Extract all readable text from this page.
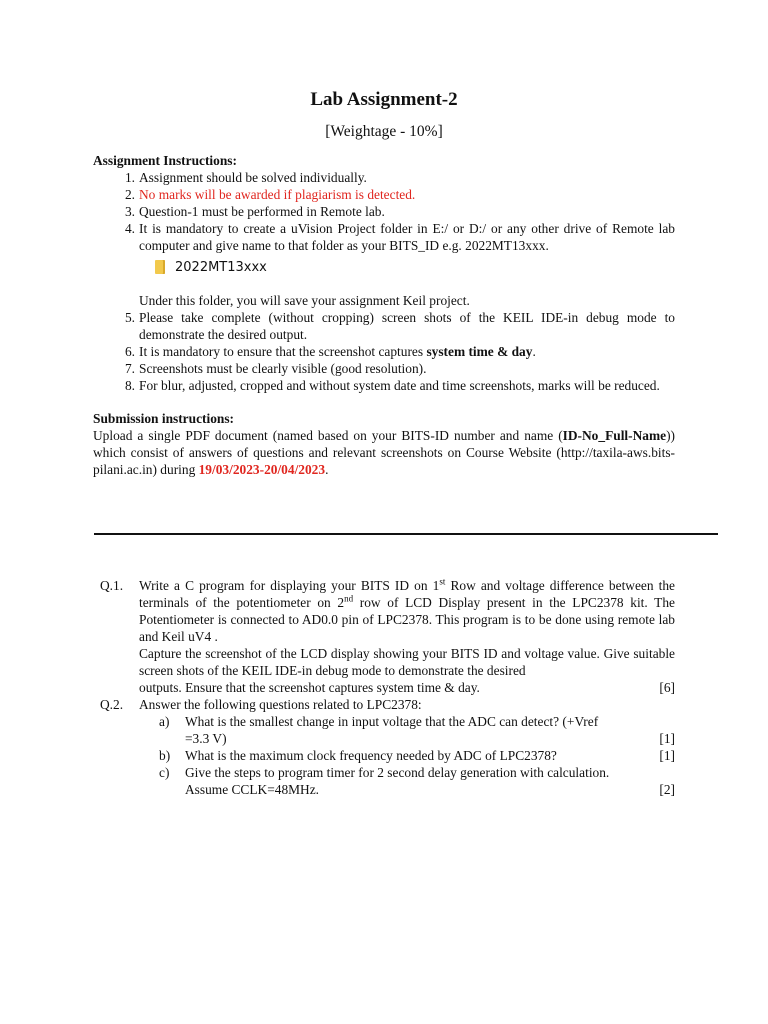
Lab Assignment-2
[Weightage - 10%]
Assignment Instructions:
1. Assignment should be solved individually.
2. No marks will be awarded if plagiarism is detected.
3. Question-1 must be performed in Remote lab.
4. It is mandatory to create a uVision Project folder in E:/ or D:/ or any other drive of Remote lab computer and give name to that folder as your BITS_ID e.g. 2022MT13xxx.
2022MT13xxx
Under this folder, you will save your assignment Keil project.
5. Please take complete (without cropping) screen shots of the KEIL IDE-in debug mode to demonstrate the desired output.
6. It is mandatory to ensure that the screenshot captures system time & day.
7. Screenshots must be clearly visible (good resolution).
8. For blur, adjusted, cropped and without system date and time screenshots, marks will be reduced.
Submission instructions:
Upload a single PDF document (named based on your BITS-ID number and name (ID-No_Full-Name)) which consist of answers of questions and relevant screenshots on Course Website (http://taxila-aws.bits-pilani.ac.in) during 19/03/2023-20/04/2023.
Q.1. Write a C program for displaying your BITS ID on 1st Row and voltage difference between the terminals of the potentiometer on 2nd row of LCD Display present in the LPC2378 kit. The Potentiometer is connected to AD0.0 pin of LPC2378. This program is to be done using remote lab and Keil uV4 .
Capture the screenshot of the LCD display showing your BITS ID and voltage value. Give suitable screen shots of the KEIL IDE-in debug mode to demonstrate the desired
outputs. Ensure that the screenshot captures system time & day.	[6]
Q.2. Answer the following questions related to LPC2378:
a) What is the smallest change in input voltage that the ADC can detect? (+Vref
=3.3 V)	[1]
b) What is the maximum clock frequency needed by ADC of LPC2378?	[1]
c) Give the steps to program timer for 2 second delay generation with calculation.
Assume CCLK=48MHz.	[2]
